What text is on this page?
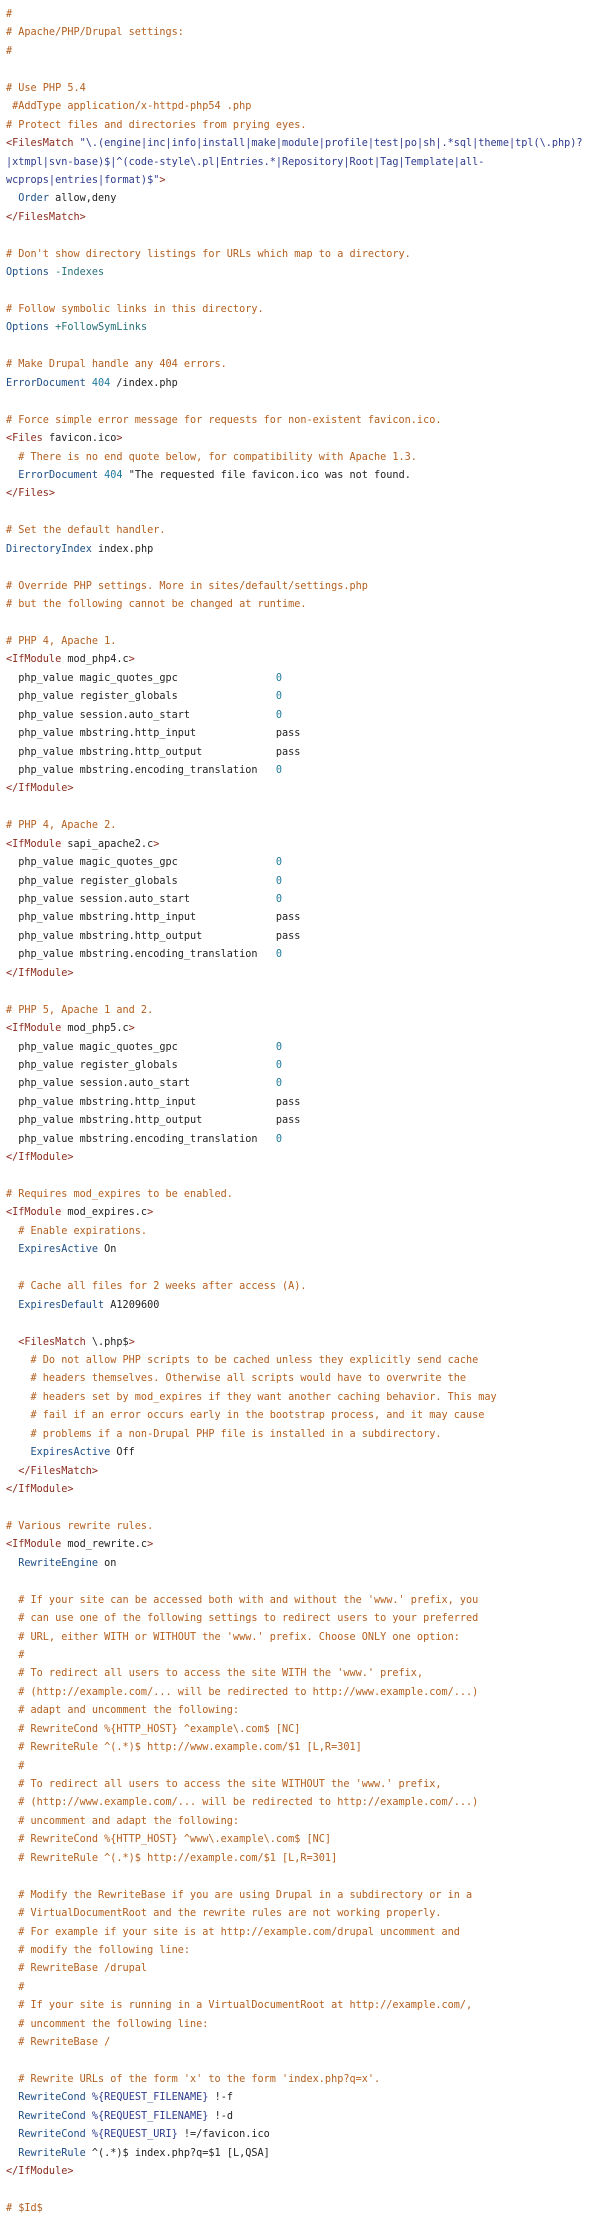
#
# Apache/PHP/Drupal settings:
#

# Use PHP 5.4
#AddType application/x-httpd-php54 .php
# Protect files and directories from prying eyes.
<FilesMatch "\.(engine|inc|info|install|make|module|profile|test|po|sh|.*sql|theme|tpl(\.php)?
|xtmpl|svn-base)$|^(code-style\.pl|Entries.*|Repository|Root|Tag|Template|all-
wcprops|entries|format)$">
Order allow,deny
</FilesMatch>

# Don't show directory listings for URLs which map to a directory.
Options -Indexes

# Follow symbolic links in this directory.
Options +FollowSymLinks

# Make Drupal handle any 404 errors.
ErrorDocument 404 /index.php

# Force simple error message for requests for non-existent favicon.ico.
<Files favicon.ico>
# There is no end quote below, for compatibility with Apache 1.3.
ErrorDocument 404 "The requested file favicon.ico was not found.
</Files>

# Set the default handler.
DirectoryIndex index.php

# Override PHP settings. More in sites/default/settings.php
# but the following cannot be changed at runtime.

# PHP 4, Apache 1.
<IfModule mod_php4.c>
php_value magic_quotes_gpc                0
php_value register_globals                0
php_value session.auto_start              0
php_value mbstring.http_input             pass
php_value mbstring.http_output            pass
php_value mbstring.encoding_translation   0
</IfModule>

# PHP 4, Apache 2.
<IfModule sapi_apache2.c>
php_value magic_quotes_gpc                0
php_value register_globals                0
php_value session.auto_start              0
php_value mbstring.http_input             pass
php_value mbstring.http_output            pass
php_value mbstring.encoding_translation   0
</IfModule>

# PHP 5, Apache 1 and 2.
<IfModule mod_php5.c>
php_value magic_quotes_gpc                0
php_value register_globals                0
php_value session.auto_start              0
php_value mbstring.http_input             pass
php_value mbstring.http_output            pass
php_value mbstring.encoding_translation   0
</IfModule>

# Requires mod_expires to be enabled.
<IfModule mod_expires.c>
# Enable expirations.
ExpiresActive On

# Cache all files for 2 weeks after access (A).
ExpiresDefault A1209600

<FilesMatch \.php$>
# Do not allow PHP scripts to be cached unless they explicitly send cache
# headers themselves. Otherwise all scripts would have to overwrite the
# headers set by mod_expires if they want another caching behavior. This may
# fail if an error occurs early in the bootstrap process, and it may cause
# problems if a non-Drupal PHP file is installed in a subdirectory.
ExpiresActive Off
</FilesMatch>
</IfModule>

# Various rewrite rules.
<IfModule mod_rewrite.c>
RewriteEngine on

# If your site can be accessed both with and without the 'www.' prefix, you
# can use one of the following settings to redirect users to your preferred
# URL, either WITH or WITHOUT the 'www.' prefix. Choose ONLY one option:
#
# To redirect all users to access the site WITH the 'www.' prefix,
# (http://example.com/... will be redirected to http://www.example.com/...)
# adapt and uncomment the following:
# RewriteCond %{HTTP_HOST} ^example\.com$ [NC]
# RewriteRule ^(.*)$ http://www.example.com/$1 [L,R=301]
#
# To redirect all users to access the site WITHOUT the 'www.' prefix,
# (http://www.example.com/... will be redirected to http://example.com/...)
# uncomment and adapt the following:
# RewriteCond %{HTTP_HOST} ^www\.example\.com$ [NC]
# RewriteRule ^(.*)$ http://example.com/$1 [L,R=301]

# Modify the RewriteBase if you are using Drupal in a subdirectory or in a
# VirtualDocumentRoot and the rewrite rules are not working properly.
# For example if your site is at http://example.com/drupal uncomment and
# modify the following line:
# RewriteBase /drupal
#
# If your site is running in a VirtualDocumentRoot at http://example.com/,
# uncomment the following line:
# RewriteBase /

# Rewrite URLs of the form 'x' to the form 'index.php?q=x'.
RewriteCond %{REQUEST_FILENAME} !-f
RewriteCond %{REQUEST_FILENAME} !-d
RewriteCond %{REQUEST_URI} !=/favicon.ico
RewriteRule ^(.*)$ index.php?q=$1 [L,QSA]
</IfModule>

# $Id$
